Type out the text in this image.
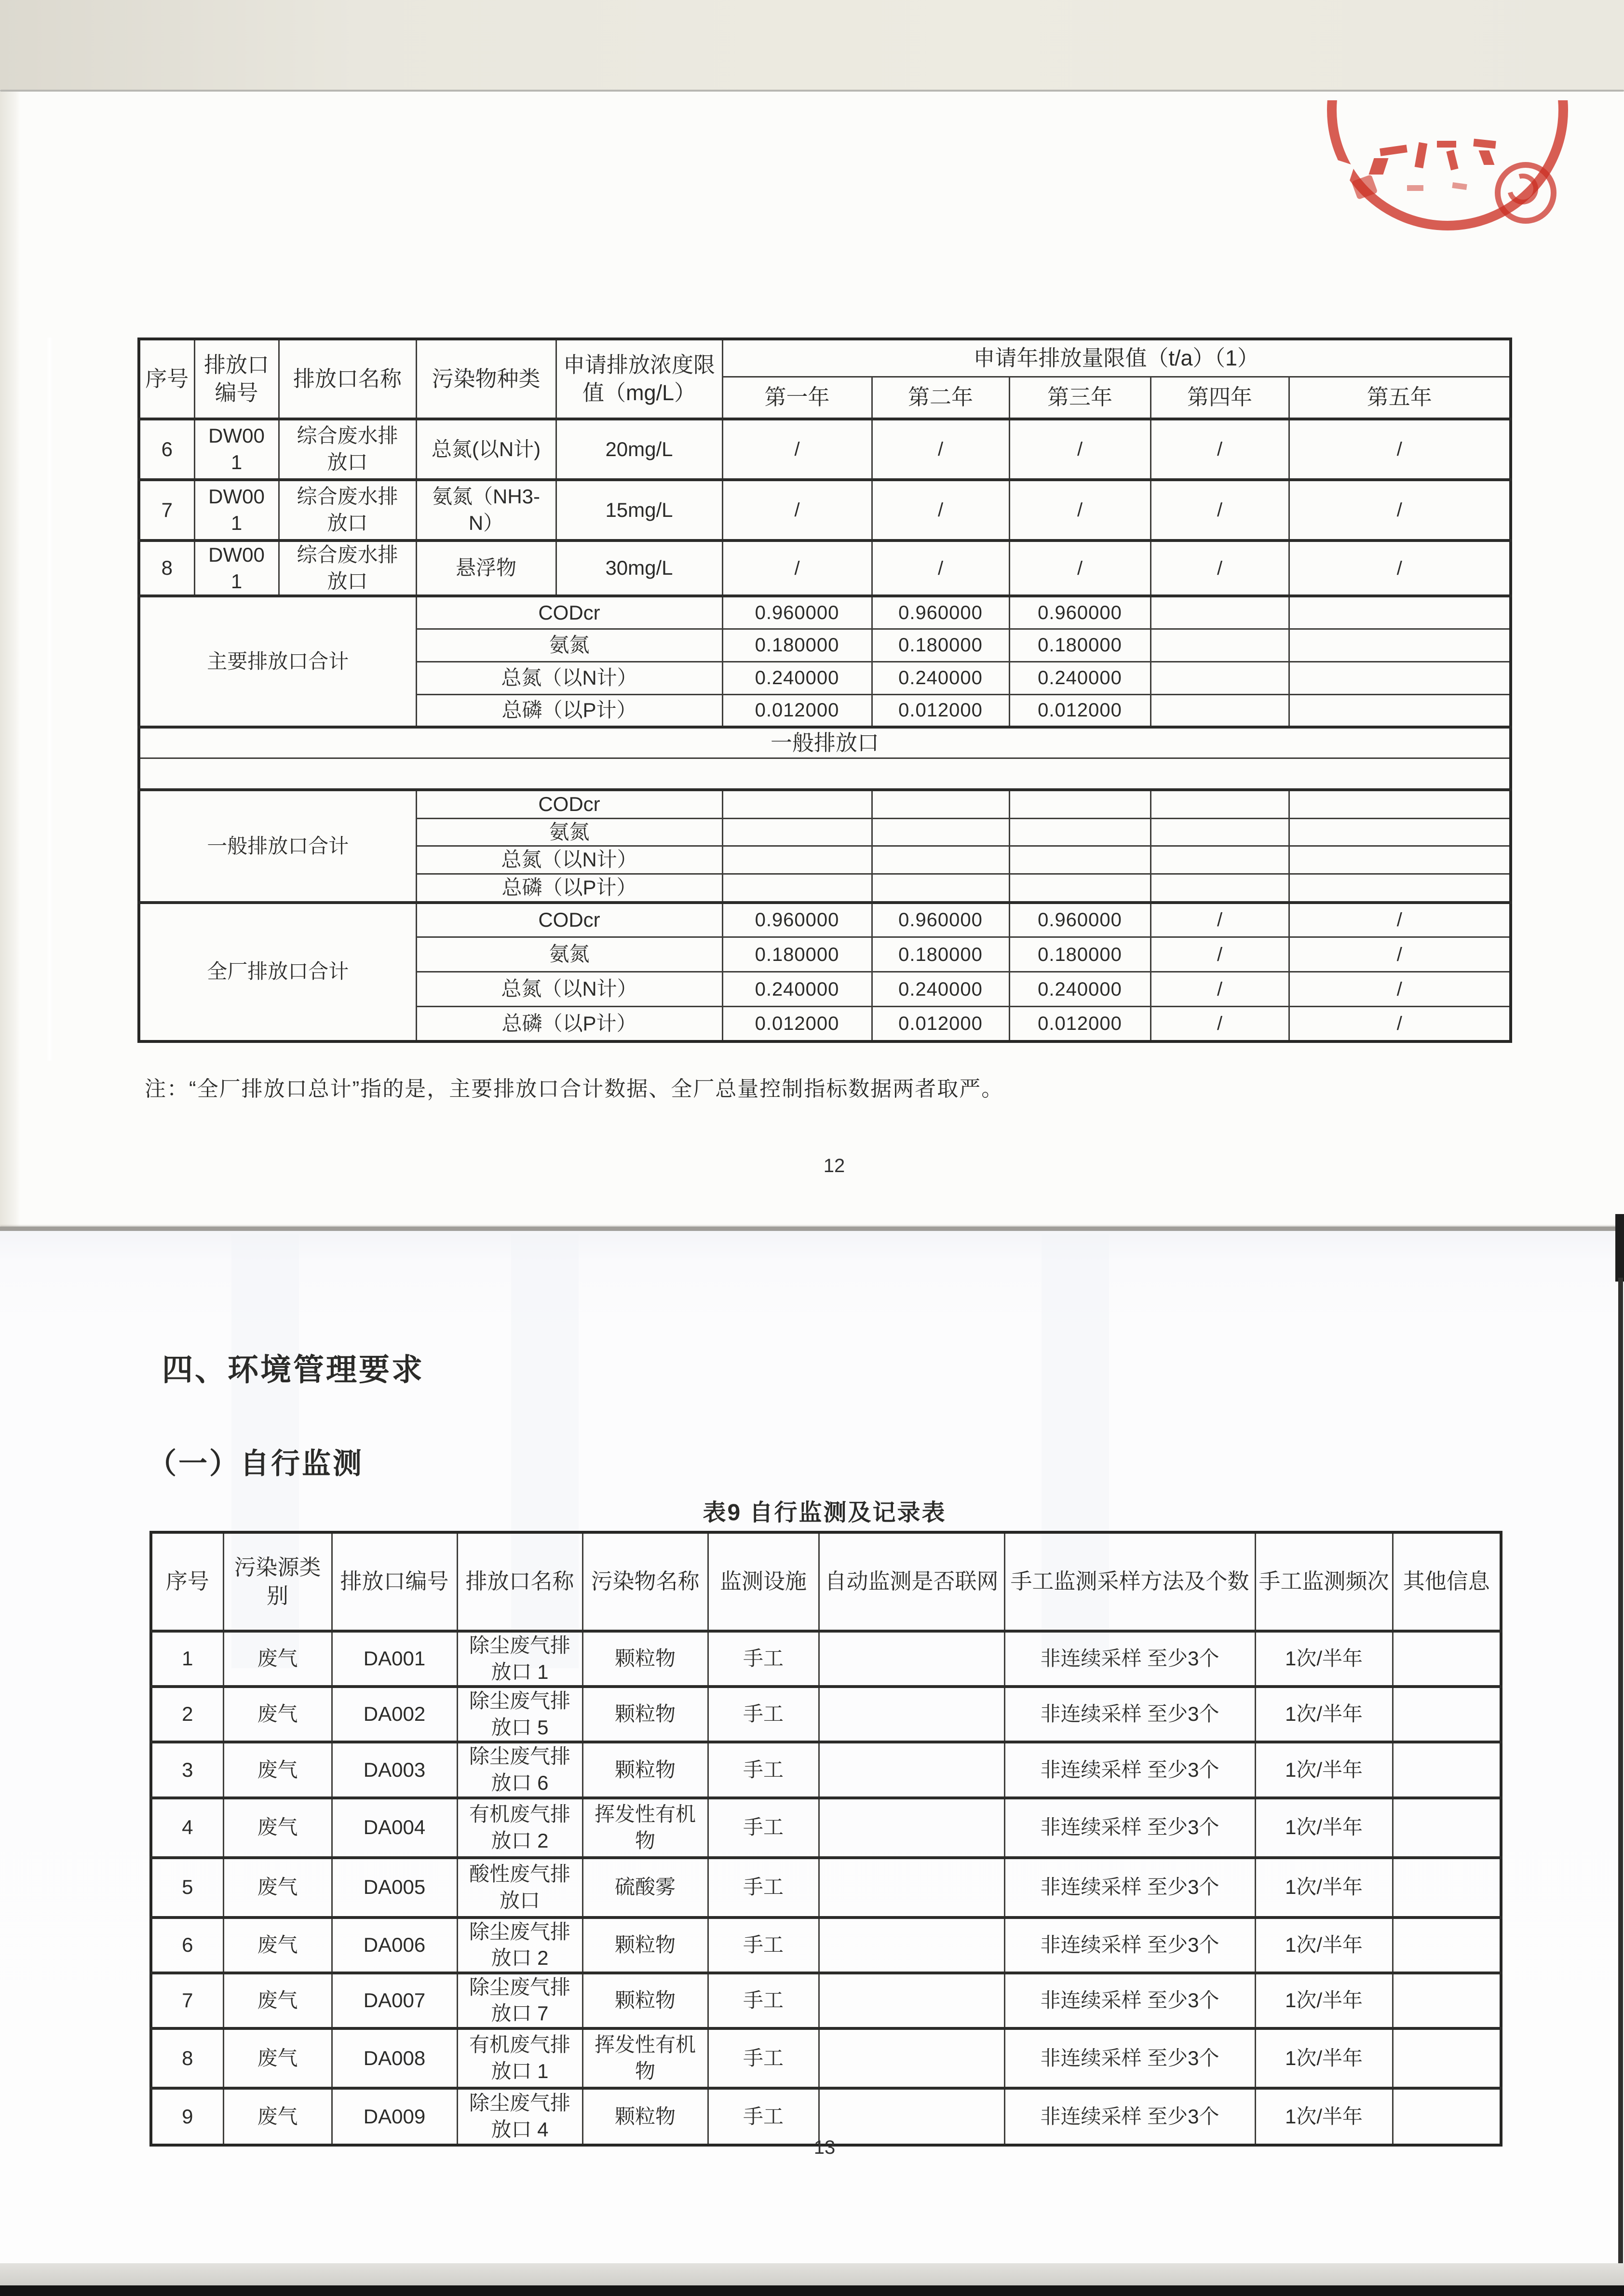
序号	排放口编号	排放口名称	污染物种类	申请排放浓度限值（mg/L）	申请年排放量限值（t/a）（1）				
					第一年	第二年	第三年	第四年	第五年
6	DW001	综合废水排放口	总氮(以N计)	20mg/L	/	/	/	/	/
7	DW001	综合废水排放口	氨氮（NH3-N）	15mg/L	/	/	/	/	/
8	DW001	综合废水排放口	悬浮物	30mg/L	/	/	/	/	/
主要排放口合计			CODcr		0.960000	0.960000	0.960000		
			氨氮		0.180000	0.180000	0.180000		
			总氮（以N计）		0.240000	0.240000	0.240000		
			总磷（以P计）		0.012000	0.012000	0.012000		
一般排放口									

一般排放口合计			CODcr						
			氨氮						
			总氮（以N计）						
			总磷（以P计）						
全厂排放口合计			CODcr		0.960000	0.960000	0.960000	/	/
			氨氮		0.180000	0.180000	0.180000	/	/
			总氮（以N计）		0.240000	0.240000	0.240000	/	/
			总磷（以P计）		0.012000	0.012000	0.012000	/	/
注：“全厂排放口总计”指的是，主要排放口合计数据、全厂总量控制指标数据两者取严。
12
四、环境管理要求
（一）自行监测
表9 自行监测及记录表
序号	污染源类别	排放口编号	排放口名称	污染物名称	监测设施	自动监测是否联网	手工监测采样方法及个数	手工监测频次	其他信息
1	废气	DA001	除尘废气排放口 1	颗粒物	手工		非连续采样 至少3个	1次/半年	
2	废气	DA002	除尘废气排放口 5	颗粒物	手工		非连续采样 至少3个	1次/半年	
3	废气	DA003	除尘废气排放口 6	颗粒物	手工		非连续采样 至少3个	1次/半年	
4	废气	DA004	有机废气排放口 2	挥发性有机物	手工		非连续采样 至少3个	1次/半年	
5	废气	DA005	酸性废气排放口	硫酸雾	手工		非连续采样 至少3个	1次/半年	
6	废气	DA006	除尘废气排放口 2	颗粒物	手工		非连续采样 至少3个	1次/半年	
7	废气	DA007	除尘废气排放口 7	颗粒物	手工		非连续采样 至少3个	1次/半年	
8	废气	DA008	有机废气排放口 1	挥发性有机物	手工		非连续采样 至少3个	1次/半年	
9	废气	DA009	除尘废气排放口 4	颗粒物	手工		非连续采样 至少3个	1次/半年	
13
